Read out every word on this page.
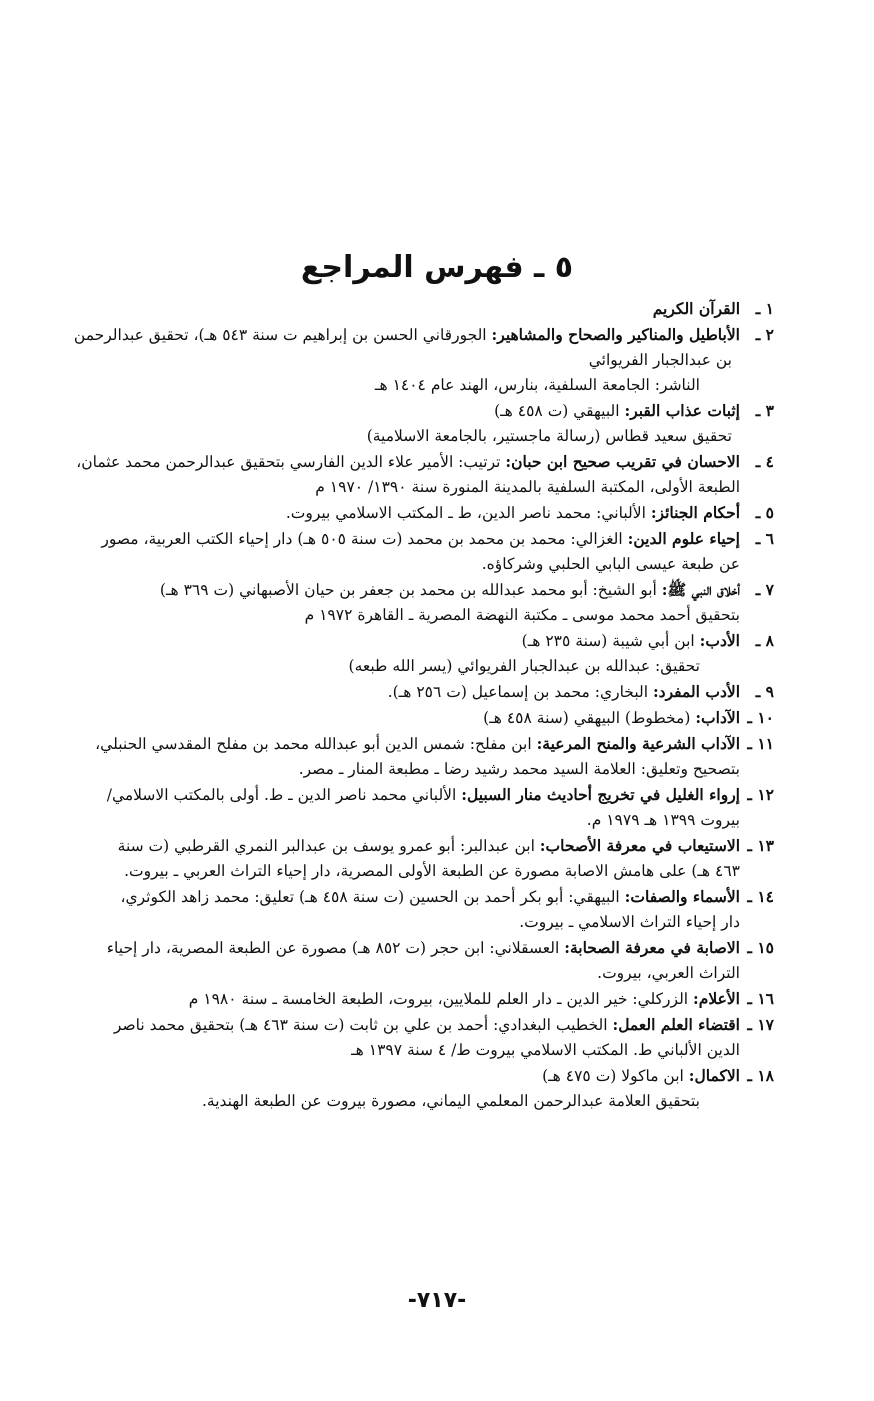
٥ ـ فهرس المراجع
١ ـ
القرآن الكريم
٢ ـ
الأباطيل والمناكير والصحاح والمشاهير: الجورقاني الحسن بن إبراهيم ت سنة ٥٤٣ هـ)، تحقيق عبدالرحمن
بن عبدالجبار الفريوائي
الناشر: الجامعة السلفية، بنارس، الهند عام ١٤٠٤ هـ
٣ ـ
إثبات عذاب القبر: البيهقي (ت ٤٥٨ هـ)
تحقيق سعيد قطاس (رسالة ماجستير، بالجامعة الاسلامية)
٤ ـ
الاحسان في تقريب صحيح ابن حبان: ترتيب: الأمير علاء الدين الفارسي بتحقيق عبدالرحمن محمد عثمان،
الطبعة الأولى، المكتبة السلفية بالمدينة المنورة سنة ١٣٩٠/ ١٩٧٠ م
٥ ـ
أحكام الجنائز: الألباني: محمد ناصر الدين، ط ـ المكتب الاسلامي بيروت.
٦ ـ
إحياء علوم الدين: الغزالي: محمد بن محمد بن محمد (ت سنة ٥٠٥ هـ) دار إحياء الكتب العربية، مصور
عن طبعة عيسى البابي الحلبي وشركاؤه.
٧ ـ
أخلاق النبي ﷺ: أبو الشيخ: أبو محمد عبدالله بن محمد بن جعفر بن حيان الأصبهاني (ت ٣٦٩ هـ)
بتحقيق أحمد محمد موسى ـ مكتبة النهضة المصرية ـ القاهرة ١٩٧٢ م
٨ ـ
الأدب: ابن أبي شيبة (سنة ٢٣٥ هـ)
تحقيق: عبدالله بن عبدالجبار الفريوائي (يسر الله طبعه)
٩ ـ
الأدب المفرد: البخاري: محمد بن إسماعيل (ت ٢٥٦ هـ).
١٠ ـ
الآداب: (مخطوط) البيهقي (سنة ٤٥٨ هـ)
١١ ـ
الآداب الشرعية والمنح المرعية: ابن مفلح: شمس الدين أبو عبدالله محمد بن مفلح المقدسي الحنبلي،
بتصحيح وتعليق: العلامة السيد محمد رشيد رضا ـ مطبعة المنار ـ مصر.
١٢ ـ
إرواء الغليل في تخريج أحاديث منار السبيل: الألباني محمد ناصر الدين ـ ط. أولى بالمكتب الاسلامي/
بيروت ١٣٩٩ هـ ١٩٧٩ م.
١٣ ـ
الاستيعاب في معرفة الأصحاب: ابن عبدالبر: أبو عمرو يوسف بن عبدالبر النمري القرطبي (ت سنة
٤٦٣ هـ) على هامش الاصابة مصورة عن الطبعة الأولى المصرية، دار إحياء التراث العربي ـ بيروت.
١٤ ـ
الأسماء والصفات: البيهقي: أبو بكر أحمد بن الحسين (ت سنة ٤٥٨ هـ) تعليق: محمد زاهد الكوثري،
دار إحياء التراث الاسلامي ـ بيروت.
١٥ ـ
الاصابة في معرفة الصحابة: العسقلاني: ابن حجر (ت ٨٥٢ هـ) مصورة عن الطبعة المصرية، دار إحياء
التراث العربي، بيروت.
١٦ ـ
الأعلام: الزركلي: خير الدين ـ دار العلم للملايين، بيروت، الطبعة الخامسة ـ سنة ١٩٨٠ م
١٧ ـ
اقتضاء العلم العمل: الخطيب البغدادي: أحمد بن علي بن ثابت (ت سنة ٤٦٣ هـ) بتحقيق محمد ناصر
الدين الألباني ط. المكتب الاسلامي بيروت ط/ ٤ سنة ١٣٩٧ هـ
١٨ ـ
الاكمال: ابن ماكولا (ت ٤٧٥ هـ)
بتحقيق العلامة عبدالرحمن المعلمي اليماني، مصورة بيروت عن الطبعة الهندية.
-٧١٧-
